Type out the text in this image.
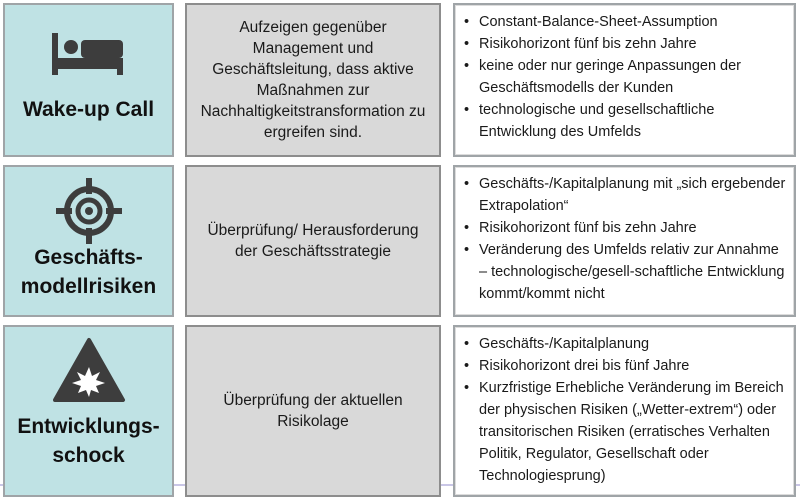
Wake-up Call
Aufzeigen gegenüber Management und Geschäftsleitung, dass aktive Maßnahmen zur Nachhaltigkeitstransformation zu ergreifen sind.
• Constant-Balance-Sheet-Assumption
• Risikohorizont fünf bis zehn Jahre
• keine oder nur geringe Anpassungen der Geschäftsmodells der Kunden
• technologische und gesellschaftliche Entwicklung des Umfelds
Geschäfts-
modellrisiken
Überprüfung/ Herausforderung der Geschäftsstrategie
• Geschäfts-/Kapitalplanung mit „sich ergebender Extrapolation“
• Risikohorizont fünf bis zehn Jahre
• Veränderung des Umfelds relativ zur Annahme – technologische/gesell-schaftliche Entwicklung kommt/kommt nicht
Entwicklungs-
schock
Überprüfung der aktuellen Risikolage
• Geschäfts-/Kapitalplanung
• Risikohorizont drei bis fünf Jahre
• Kurzfristige Erhebliche Veränderung im Bereich der physischen Risiken („Wetter-extrem“) oder transitorischen Risiken (erratisches Verhalten Politik, Regulator, Gesellschaft oder Technologiesprung)
